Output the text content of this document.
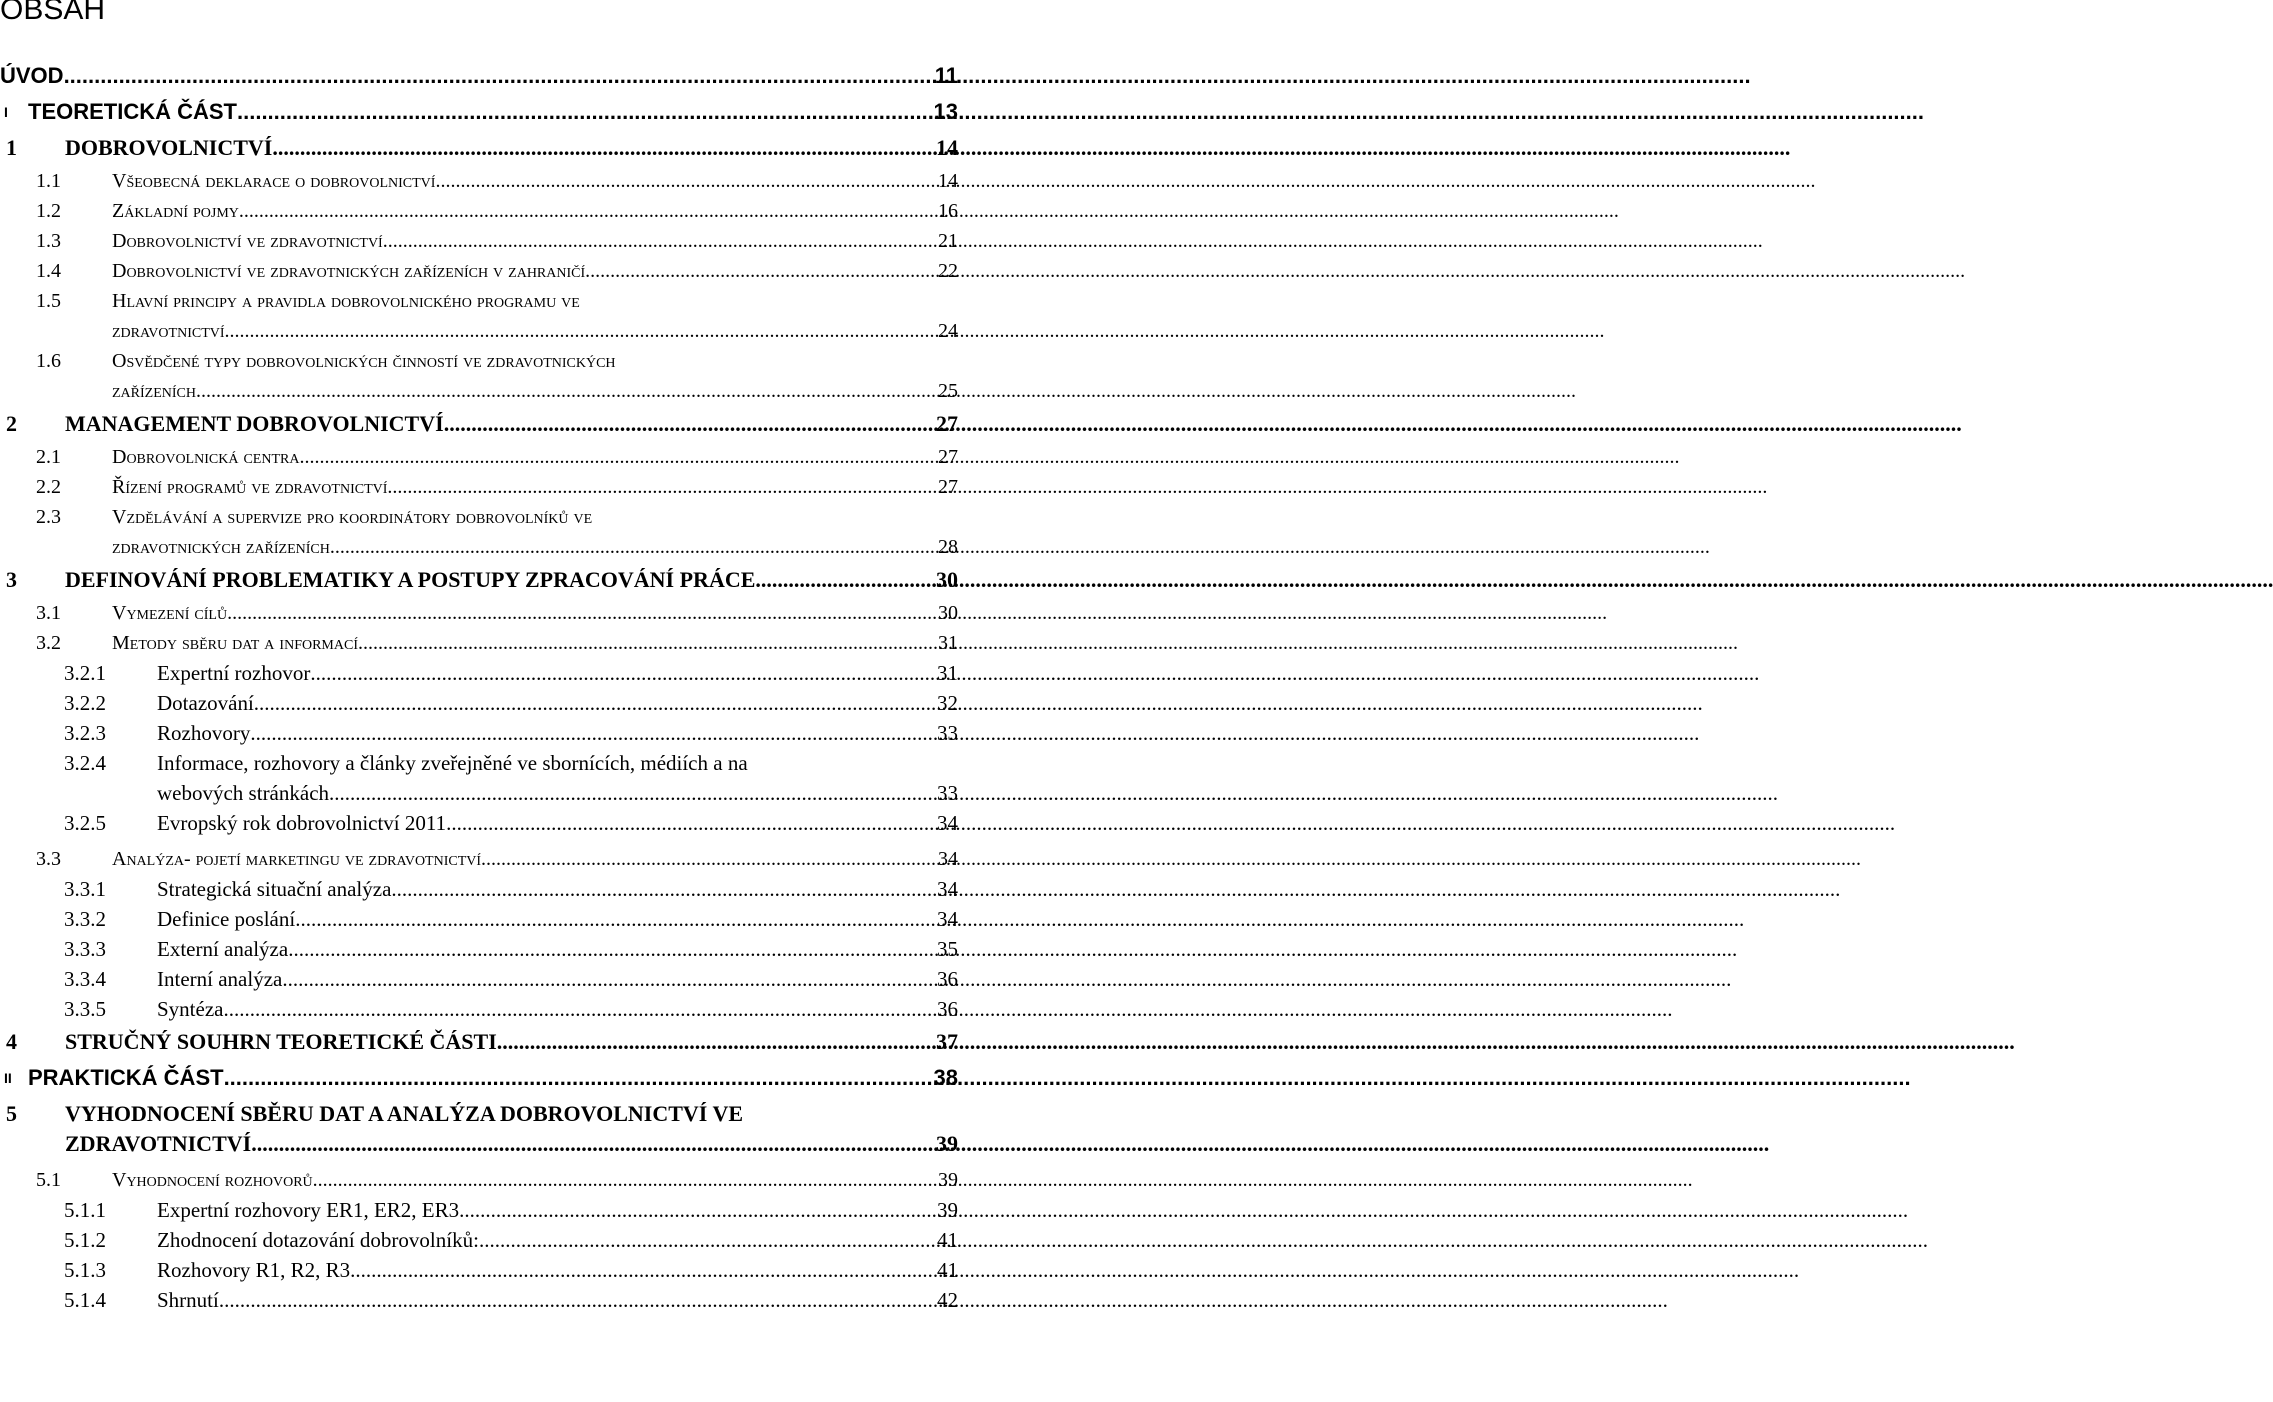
OBSAH
ÚVOD .....	11
I TEORETICKÁ ČÁST .....	13
1	DOBROVOLNICTVÍ .....	14
1.1	Všeobecná deklarace o dobrovolnictví .....	14
1.2	Základní pojmy .....	16
1.3	Dobrovolnictví ve zdravotnictví .....	21
1.4	Dobrovolnictví ve zdravotnických zařízeních v zahraničí .....	22
1.5	Hlavní principy a pravidla dobrovolnického programu ve
zdravotnictví .....	24
1.6	Osvědčené typy dobrovolnických činností ve zdravotnických
zařízeních .....	25
2	MANAGEMENT DOBROVOLNICTVÍ .....	27
2.1	Dobrovolnická centra .....	27
2.2	Řízení programů ve zdravotnictví .....	27
2.3	Vzdělávání a supervize pro koordinátory dobrovolníků ve
zdravotnických zařízeních .....	28
3	DEFINOVÁNÍ PROBLEMATIKY A POSTUPY ZPRACOVÁNÍ PRÁCE .....	30
3.1	Vymezení cílů .....	30
3.2	Metody sběru dat a informací .....	31
3.2.1	Expertní rozhovor .....	31
3.2.2	Dotazování .....	32
3.2.3	Rozhovory .....	33
3.2.4	Informace, rozhovory a články zveřejněné ve sbornících, médiích a na
webových stránkách .....	33
3.2.5	Evropský rok dobrovolnictví 2011 .....	34
3.3	Analýza- pojetí marketingu ve zdravotnictví .....	34
3.3.1	Strategická situační analýza .....	34
3.3.2	Definice poslání .....	34
3.3.3	Externí analýza .....	35
3.3.4	Interní analýza .....	36
3.3.5	Syntéza .....	36
4	STRUČNÝ SOUHRN TEORETICKÉ ČÁSTI .....	37
II PRAKTICKÁ ČÁST .....	38
5	VYHODNOCENÍ SBĚRU DAT A ANALÝZA DOBROVOLNICTVÍ VE
ZDRAVOTNICTVÍ .....	39
5.1	Vyhodnocení rozhovorů .....	39
5.1.1	Expertní rozhovory ER1, ER2, ER3 .....	39
5.1.2	Zhodnocení dotazování dobrovolníků: .....	41
5.1.3	Rozhovory R1, R2, R3 .....	41
5.1.4	Shrnutí .....	42
